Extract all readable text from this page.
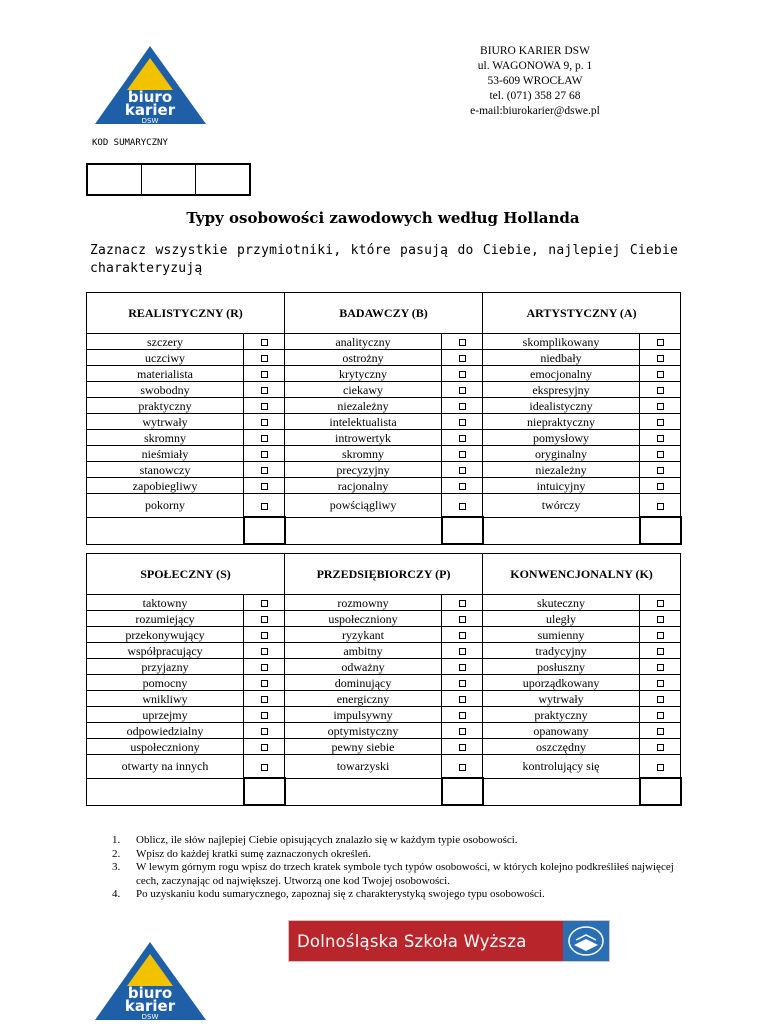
biuro
karier
DSW
BIURO KARIER DSW
ul. WAGONOWA 9, p. 1
53-609 WROCŁAW
tel. (071) 358 27 68
e-mail:biurokarier@dswe.pl
KOD SUMARYCZNY
Typy osobowości zawodowych według Hollanda
Zaznacz wszystkie przymiotniki, które pasują do Ciebie, najlepiej Ciebie charakteryzują
REALISTYCZNY (R)		BADAWCZY (B)		ARTYSTYCZNY (A)	
szczery		analityczny		skomplikowany	
uczciwy		ostrożny		niedbały	
materialista		krytyczny		emocjonalny	
swobodny		ciekawy		ekspresyjny	
praktyczny		niezależny		idealistyczny	
wytrwały		intelektualista		niepraktyczny	
skromny		introwertyk		pomysłowy	
nieśmiały		skromny		oryginalny	
stanowczy		precyzyjny		niezależny	
zapobiegliwy		racjonalny		intuicyjny	
pokorny		powściągliwy		twórczy	

SPOŁECZNY (S)		PRZEDSIĘBIORCZY (P)		KONWENCJONALNY (K)	
taktowny		rozmowny		skuteczny	
rozumiejący		uspołeczniony		uległy	
przekonywujący		ryzykant		sumienny	
współpracujący		ambitny		tradycyjny	
przyjazny		odważny		posłuszny	
pomocny		dominujący		uporządkowany	
wnikliwy		energiczny		wytrwały	
uprzejmy		impulsywny		praktyczny	
odpowiedzialny		optymistyczny		opanowany	
uspołeczniony		pewny siebie		oszczędny	
otwarty na innych		towarzyski		kontrolujący się	

1. Oblicz, ile słów najlepiej Ciebie opisujących znalazło się w każdym typie osobowości.
2. Wpisz do każdej kratki sumę zaznaczonych określeń.
3. W lewym górnym rogu wpisz do trzech kratek symbole tych typów osobowości, w których kolejno podkreśliłeś najwięcej cech, zaczynając od największej. Utworzą one kod Twojej osobowości.
4. Po uzyskaniu kodu sumarycznego, zapoznaj się z charakterystyką swojego typu osobowości.
Dolnośląska Szkoła Wyższa
biuro
karier
DSW
